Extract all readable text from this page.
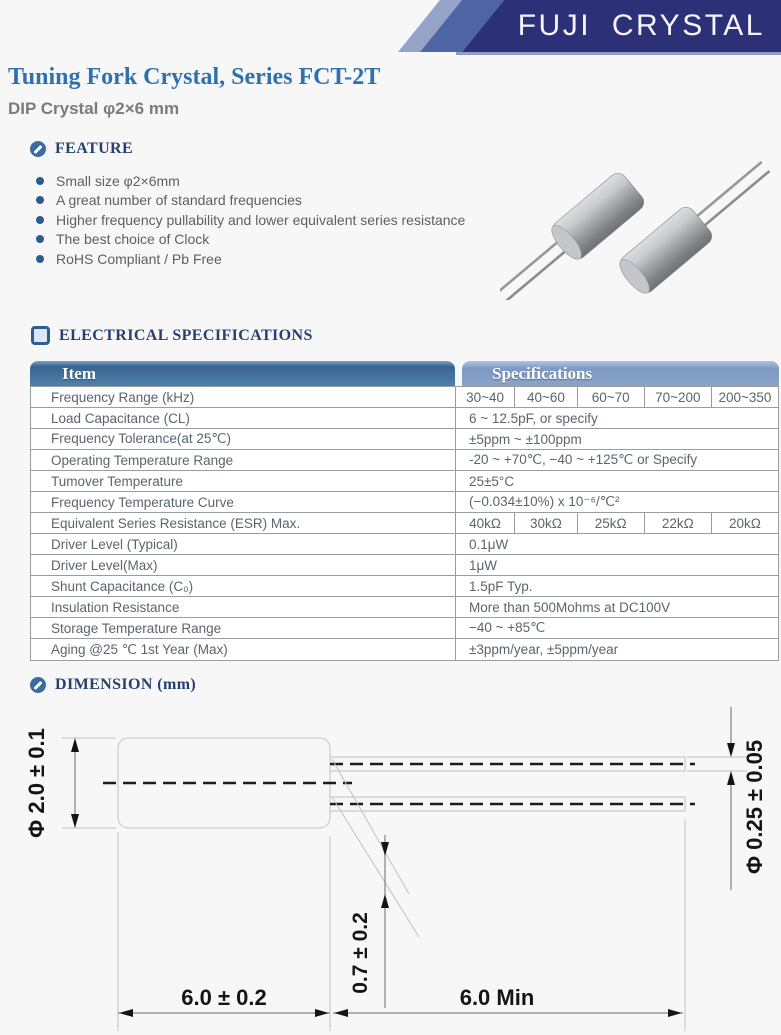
FUJI CRYSTAL
Tuning Fork Crystal, Series FCT-2T
DIP Crystal φ2×6 mm
FEATURE
Small size φ2×6mm
A great number of standard frequencies
Higher frequency pullability and lower equivalent series resistance
The best choice of Clock
RoHS Compliant / Pb Free
ELECTRICAL SPECIFICATIONS
Item	Specifications
Frequency Range (kHz)	30~40	40~60	60~70	70~200	200~350
Load Capacitance (CL)	6 ~ 12.5pF, or specify
Frequency Tolerance(at 25℃)	±5ppm ~ ±100ppm
Operating Temperature Range	-20 ~ +70℃, −40 ~ +125℃ or Specify
Tumover Temperature	25±5°C
Frequency Temperature Curve	(−0.034±10%) x 10⁻⁶/℃²
Equivalent Series Resistance (ESR) Max.	40kΩ	30kΩ	25kΩ	22kΩ	20kΩ
Driver Level (Typical)	0.1μW
Driver Level(Max)	1μW
Shunt Capacitance (C₀)	1.5pF Typ.
Insulation Resistance	More than 500Mohms at DC100V
Storage Temperature Range	−40 ~ +85℃
Aging @25 ℃ 1st Year (Max)	±3ppm/year, ±5ppm/year
DIMENSION (mm)
Φ 2.0 ± 0.1	Φ 0.25 ± 0.05
0.7 ± 0.2
6.0 ± 0.2	6.0 Min
